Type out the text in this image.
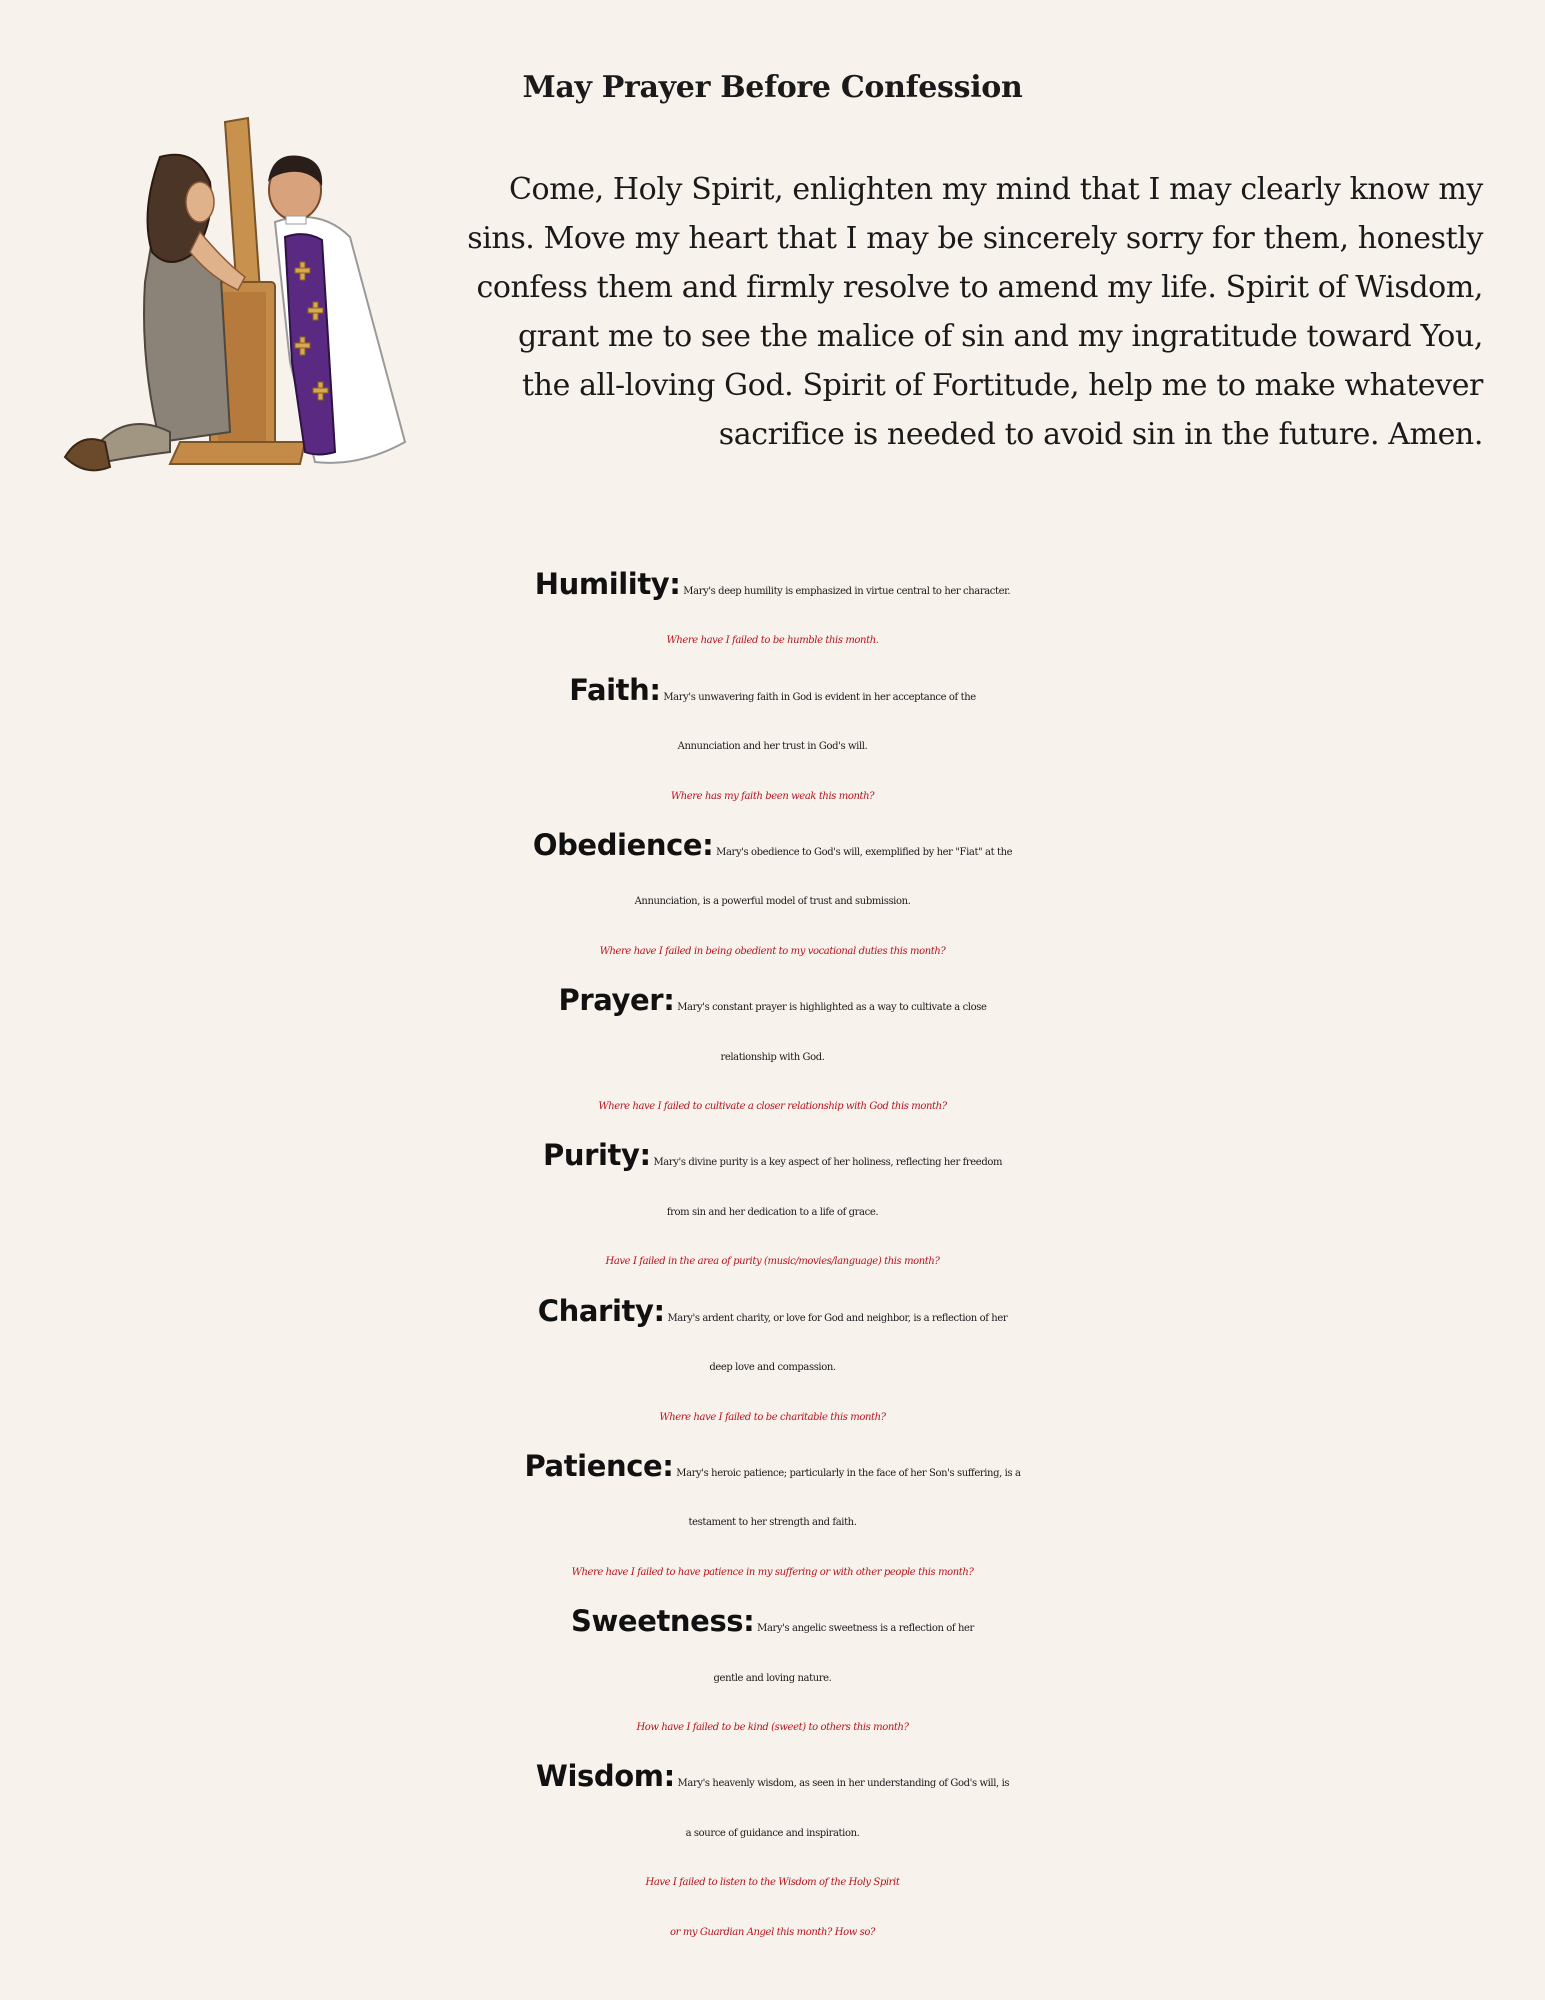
May Prayer Before Confession
Come, Holy Spirit, enlighten my mind that I may clearly know my
sins. Move my heart that I may be sincerely sorry for them, honestly
confess them and firmly resolve to amend my life. Spirit of Wisdom,
grant me to see the malice of sin and my ingratitude toward You,
the all-loving God. Spirit of Fortitude, help me to make whatever
sacrifice is needed to avoid sin in the future. Amen.
Humility: Mary's deep humility is emphasized in virtue central to her character.
Where have I failed to be humble this month.
Faith: Mary's unwavering faith in God is evident in her acceptance of the
Annunciation and her trust in God's will.
Where has my faith been weak this month?
Obedience: Mary's obedience to God's will, exemplified by her "Fiat" at the
Annunciation, is a powerful model of trust and submission.
Where have I failed in being obedient to my vocational duties this month?
Prayer: Mary's constant prayer is highlighted as a way to cultivate a close
relationship with God.
Where have I failed to cultivate a closer relationship with God this month?
Purity: Mary's divine purity is a key aspect of her holiness, reflecting her freedom
from sin and her dedication to a life of grace.
Have I failed in the area of purity (music/movies/language) this month?
Charity: Mary's ardent charity, or love for God and neighbor, is a reflection of her
deep love and compassion.
Where have I failed to be charitable this month?
Patience: Mary's heroic patience; particularly in the face of her Son's suffering, is a
testament to her strength and faith.
Where have I failed to have patience in my suffering or with other people this month?
Sweetness: Mary's angelic sweetness is a reflection of her
gentle and loving nature.
How have I failed to be kind (sweet) to others this month?
Wisdom: Mary's heavenly wisdom, as seen in her understanding of God's will, is
a source of guidance and inspiration.
Have I failed to listen to the Wisdom of the Holy Spirit
or my Guardian Angel this month? How so?
